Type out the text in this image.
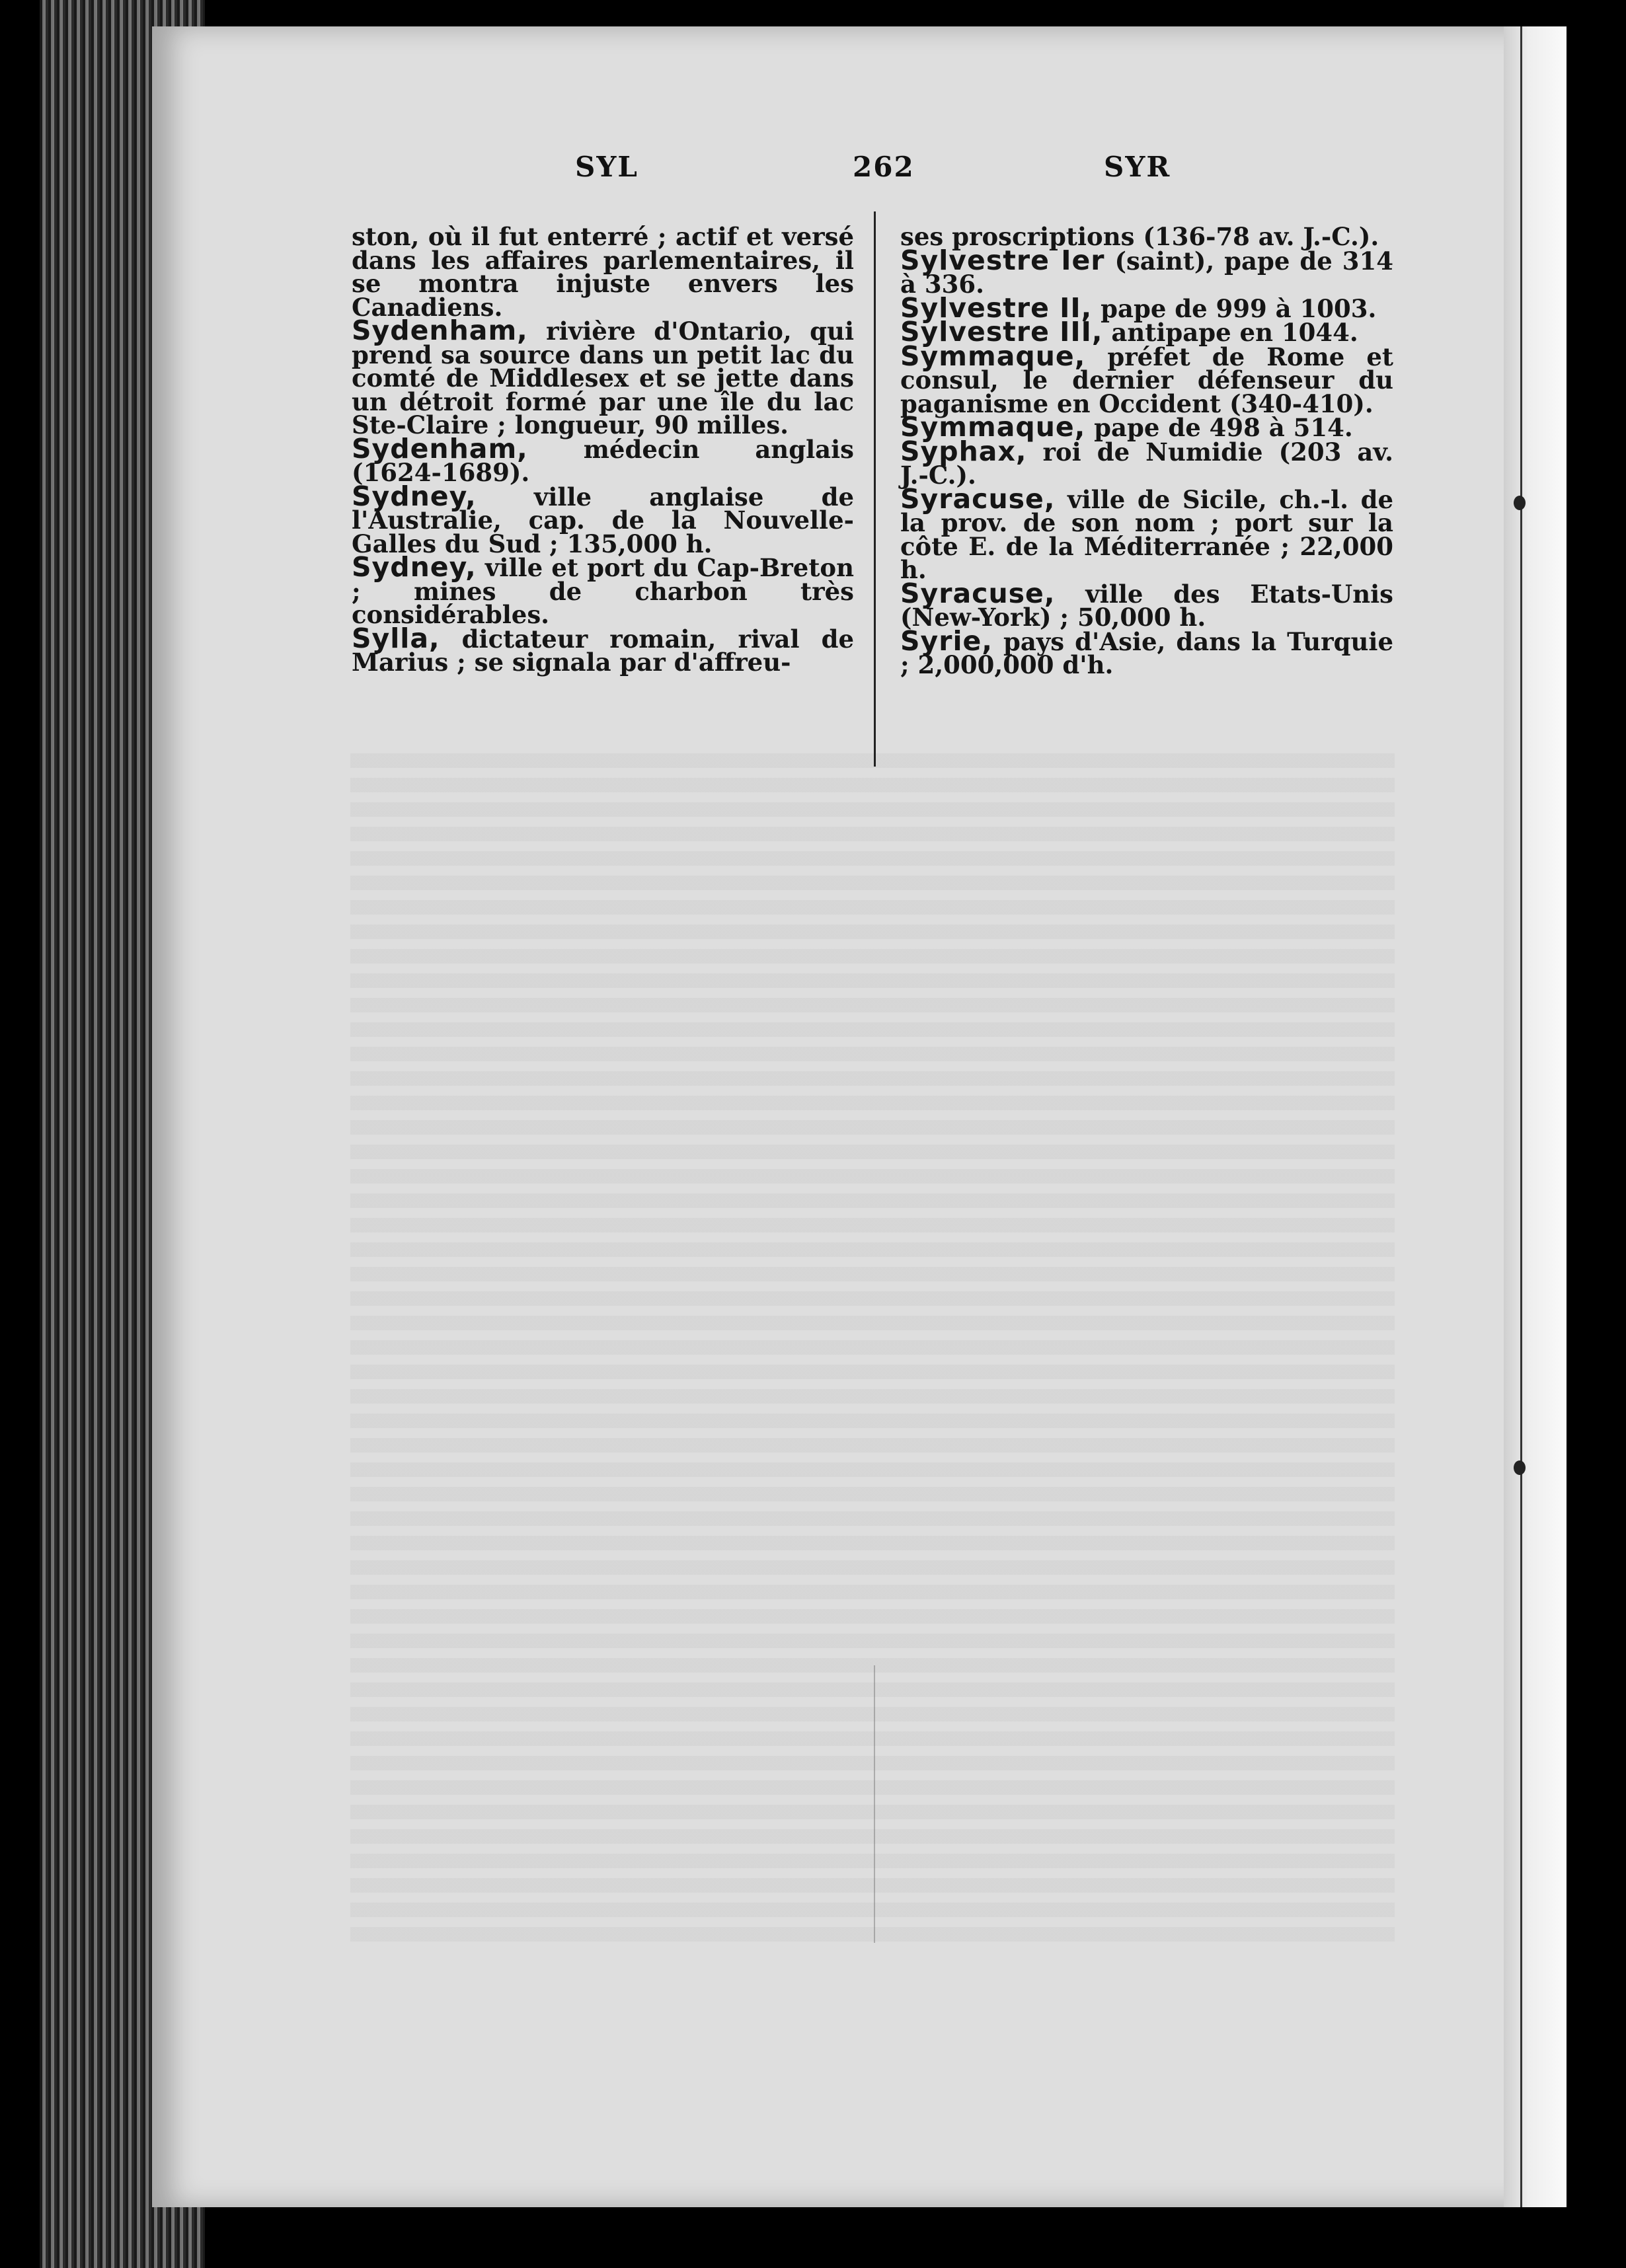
SYL	262	SYR

ston, où il fut enterré ; actif et versé dans les affaires parlementaires, il se montra injuste envers les Canadiens.

Sydenham, rivière d'Ontario, qui prend sa source dans un petit lac du comté de Middlesex et se jette dans un détroit formé par une île du lac Ste-Claire ; longueur, 90 milles.

Sydenham, médecin anglais (1624-1689).

Sydney, ville anglaise de l'Australie, cap. de la Nouvelle-Galles du Sud ; 135,000 h.

Sydney, ville et port du Cap-Breton ; mines de charbon très considérables.

Sylla, dictateur romain, rival de Marius ; se signala par d'affreu-

ses proscriptions (136-78 av. J.-C.).

Sylvestre Ier (saint), pape de 314 à 336.

Sylvestre II, pape de 999 à 1003.

Sylvestre III, antipape en 1044.

Symmaque, préfet de Rome et consul, le dernier défenseur du paganisme en Occident (340-410).

Symmaque, pape de 498 à 514.

Syphax, roi de Numidie (203 av. J.-C.).

Syracuse, ville de Sicile, ch.-l. de la prov. de son nom ; port sur la côte E. de la Méditerranée ; 22,000 h.

Syracuse, ville des Etats-Unis (New-York) ; 50,000 h.

Syrie, pays d'Asie, dans la Turquie ; 2,000,000 d'h.
